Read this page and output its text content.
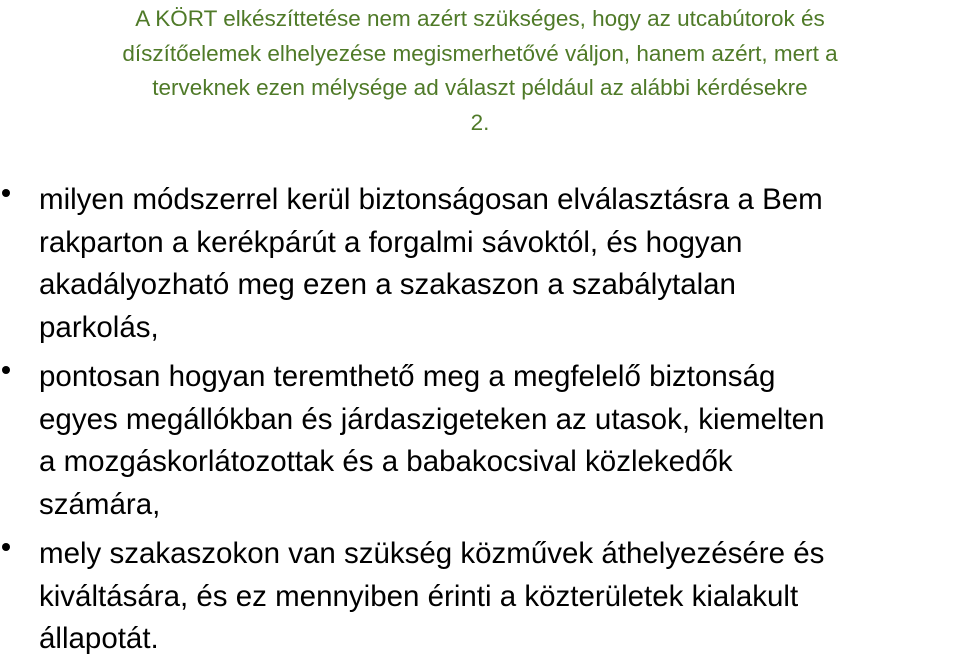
A KÖRT elkészíttetése nem azért szükséges, hogy az utcabútorok és
díszítőelemek elhelyezése megismerhetővé váljon, hanem azért, mert a
terveknek ezen mélysége ad választ például az alábbi kérdésekre
2.
milyen módszerrel kerül biztonságosan elválasztásra a Bem
rakparton a kerékpárút a forgalmi sávoktól, és hogyan
akadályozható meg ezen a szakaszon a szabálytalan
parkolás,
pontosan hogyan teremthető meg a megfelelő biztonság
egyes megállókban és járdaszigeteken az utasok, kiemelten
a mozgáskorlátozottak és a babakocsival közlekedők
számára,
mely szakaszokon van szükség közművek áthelyezésére és
kiváltására, és ez mennyiben érinti a közterületek kialakult
állapotát.
